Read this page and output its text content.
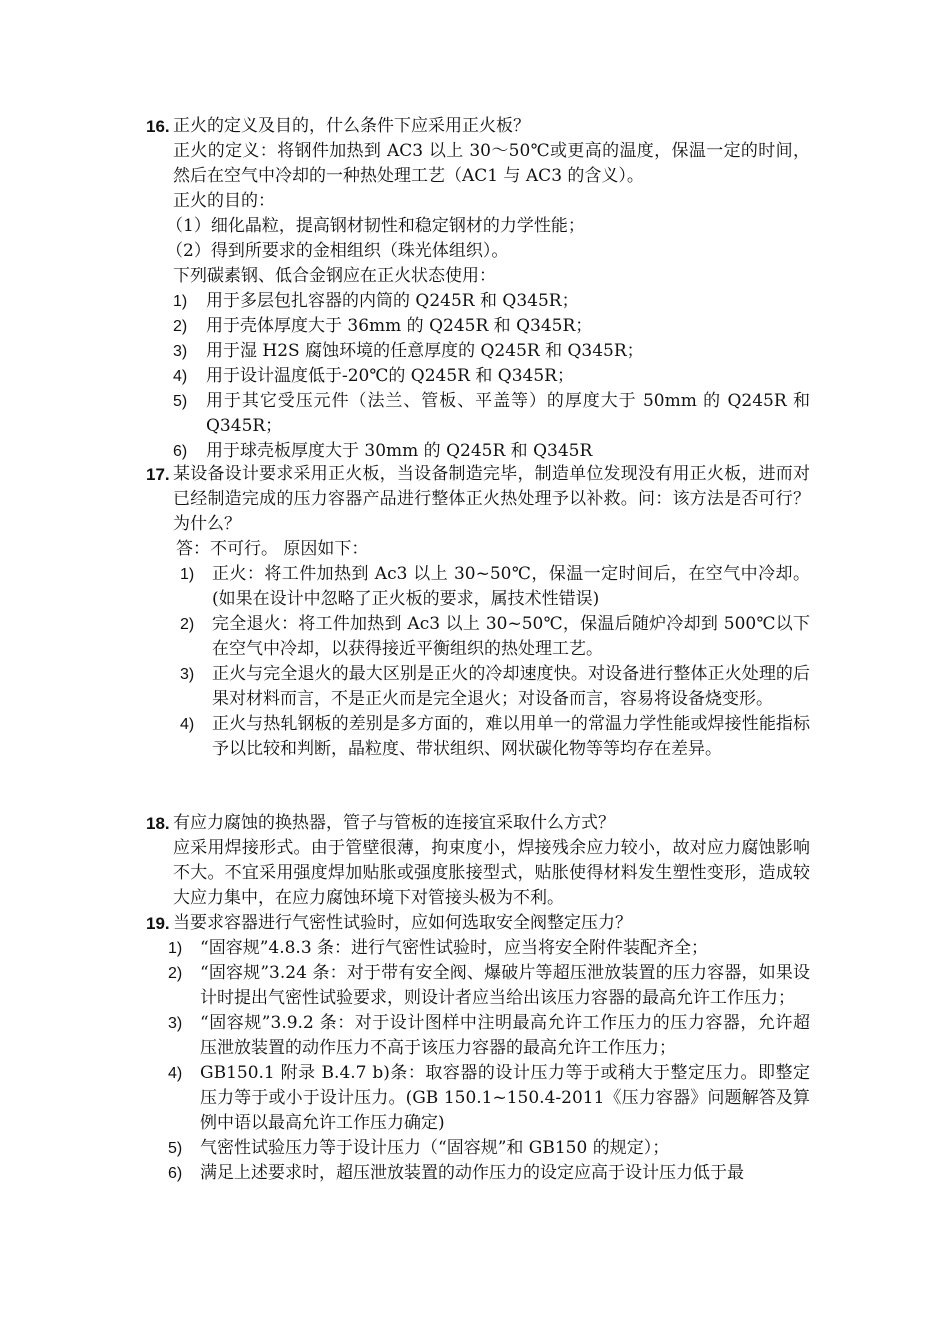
16. 正火的定义及目的，什么条件下应采用正火板？
正火的定义：将钢件加热到 AC3 以上 30～50℃或更高的温度，保温一定的时间，然后在空气中冷却的一种热处理工艺（AC1 与 AC3 的含义）。
正火的目的：
（1）细化晶粒，提高钢材韧性和稳定钢材的力学性能；
（2）得到所要求的金相组织（珠光体组织）。
下列碳素钢、低合金钢应在正火状态使用：
1) 用于多层包扎容器的内筒的 Q245R 和 Q345R；
2) 用于壳体厚度大于 36mm 的 Q245R 和 Q345R；
3) 用于湿 H2S 腐蚀环境的任意厚度的 Q245R 和 Q345R；
4) 用于设计温度低于-20℃的 Q245R 和 Q345R；
5) 用于其它受压元件（法兰、管板、平盖等）的厚度大于 50mm 的 Q245R 和 Q345R；
6) 用于球壳板厚度大于 30mm 的 Q245R 和 Q345R
17. 某设备设计要求采用正火板，当设备制造完毕，制造单位发现没有用正火板，进而对已经制造完成的压力容器产品进行整体正火热处理予以补救。问：该方法是否可行？为什么？
答：不可行。 原因如下：
1) 正火：将工件加热到 Ac3 以上 30~50℃，保温一定时间后，在空气中冷却。(如果在设计中忽略了正火板的要求，属技术性错误)
2) 完全退火：将工件加热到 Ac3 以上 30~50℃，保温后随炉冷却到 500℃以下在空气中冷却，以获得接近平衡组织的热处理工艺。
3) 正火与完全退火的最大区别是正火的冷却速度快。对设备进行整体正火处理的后果对材料而言，不是正火而是完全退火；对设备而言，容易将设备烧变形。
4) 正火与热轧钢板的差别是多方面的，难以用单一的常温力学性能或焊接性能指标予以比较和判断，晶粒度、带状组织、网状碳化物等等均存在差异。
18. 有应力腐蚀的换热器，管子与管板的连接宜采取什么方式？
应采用焊接形式。由于管壁很薄，拘束度小，焊接残余应力较小，故对应力腐蚀影响不大。不宜采用强度焊加贴胀或强度胀接型式，贴胀使得材料发生塑性变形，造成较大应力集中，在应力腐蚀环境下对管接头极为不利。
19. 当要求容器进行气密性试验时，应如何选取安全阀整定压力？
1) “固容规”4.8.3 条：进行气密性试验时，应当将安全附件装配齐全；
2) “固容规”3.24 条：对于带有安全阀、爆破片等超压泄放装置的压力容器，如果设计时提出气密性试验要求，则设计者应当给出该压力容器的最高允许工作压力；
3) “固容规”3.9.2 条：对于设计图样中注明最高允许工作压力的压力容器，允许超压泄放装置的动作压力不高于该压力容器的最高允许工作压力；
4) GB150.1 附录 B.4.7 b)条：取容器的设计压力等于或稍大于整定压力。即整定压力等于或小于设计压力。(GB 150.1~150.4-2011《压力容器》问题解答及算例中语以最高允许工作压力确定)
5) 气密性试验压力等于设计压力（“固容规”和 GB150 的规定）；
6) 满足上述要求时，超压泄放装置的动作压力的设定应高于设计压力低于最
